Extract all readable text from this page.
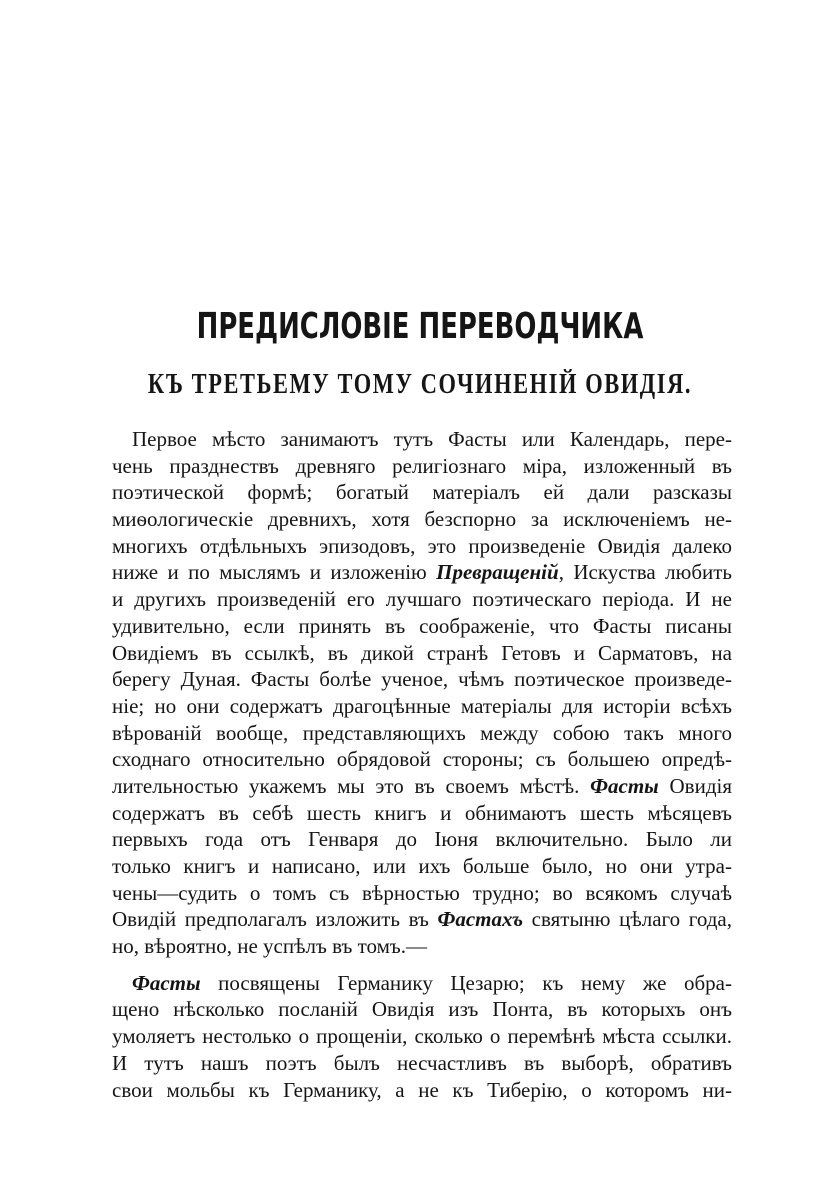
ПРЕДИСЛОВІЕ ПЕРЕВОДЧИКА
КЪ ТРЕТЬЕМУ ТОМУ СОЧИНЕНІЙ ОВИДІЯ.
Первое мѣсто занимаютъ тутъ Фасты или Календарь, пере-
чень празднествъ древняго религіознаго міра, изложенный въ
поэтической формѣ; богатый матеріалъ ей дали разсказы
миѳологическіе древнихъ, хотя безспорно за исключеніемъ не-
многихъ отдѣльныхъ эпизодовъ, это произведеніе Овидія далеко
ниже и по мыслямъ и изложенію Превращеній, Искуства любить
и другихъ произведеній его лучшаго поэтическаго періода. И не
удивительно, если принять въ соображеніе, что Фасты писаны
Овидіемъ въ ссылкѣ, въ дикой странѣ Гетовъ и Сарматовъ, на
берегу Дуная. Фасты болѣе ученое, чѣмъ поэтическое произведе-
ніе; но они содержатъ драгоцѣнные матеріалы для исторіи всѣхъ
вѣрованій вообще, представляющихъ между собою такъ много
сходнаго относительно обрядовой стороны; съ большею опредѣ-
лительностью укажемъ мы это въ своемъ мѣстѣ. Фасты Овидія
содержатъ въ себѣ шесть книгъ и обнимаютъ шесть мѣсяцевъ
первыхъ года отъ Генваря до Іюня включительно. Было ли
только книгъ и написано, или ихъ больше было, но они утра-
чены—судить о томъ съ вѣрностью трудно; во всякомъ случаѣ
Овидій предполагалъ изложить въ Фастахъ святыню цѣлаго года,
но, вѣроятно, не успѣлъ въ томъ.—
Фасты посвящены Германику Цезарю; къ нему же обра-
щено нѣсколько посланій Овидія изъ Понта, въ которыхъ онъ
умоляетъ нестолько о прощеніи, сколько о перемѣнѣ мѣста ссылки.
И тутъ нашъ поэтъ былъ несчастливъ въ выборѣ, обративъ
свои мольбы къ Германику, а не къ Тиберію, о которомъ ни-
